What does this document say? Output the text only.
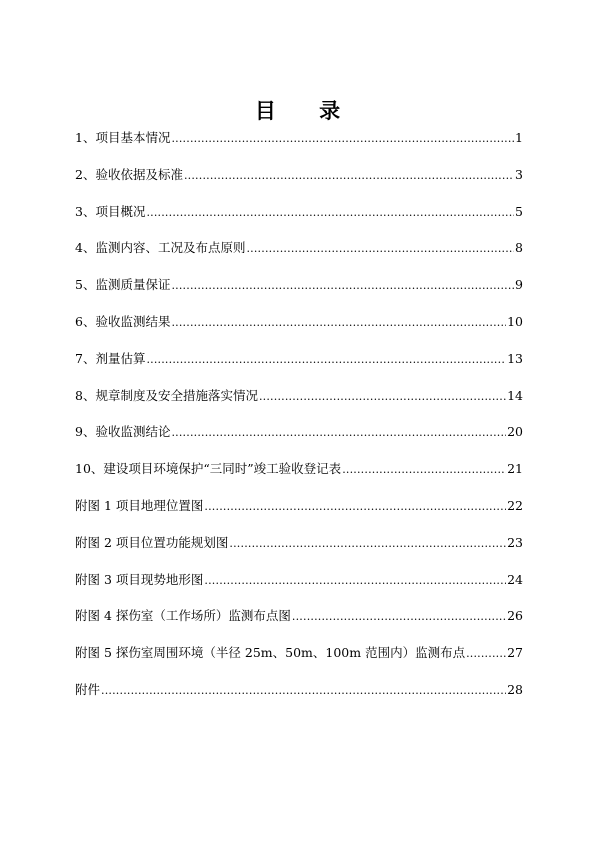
目 录
1、项目基本情况 .....	1
2、验收依据及标准 .....	3
3、项目概况 .....	5
4、监测内容、工况及布点原则 .....	8
5、监测质量保证 .....	9
6、验收监测结果 .....	10
7、剂量估算 .....	13
8、规章制度及安全措施落实情况 .....	14
9、验收监测结论 .....	20
10、建设项目环境保护“三同时”竣工验收登记表 .....	21
附图 1 项目地理位置图 .....	22
附图 2 项目位置功能规划图 .....	23
附图 3 项目现势地形图 .....	24
附图 4 探伤室（工作场所）监测布点图 .....	26
附图 5 探伤室周围环境（半径 25m、50m、100m 范围内）监测布点 .....	27
附件 .....	28
